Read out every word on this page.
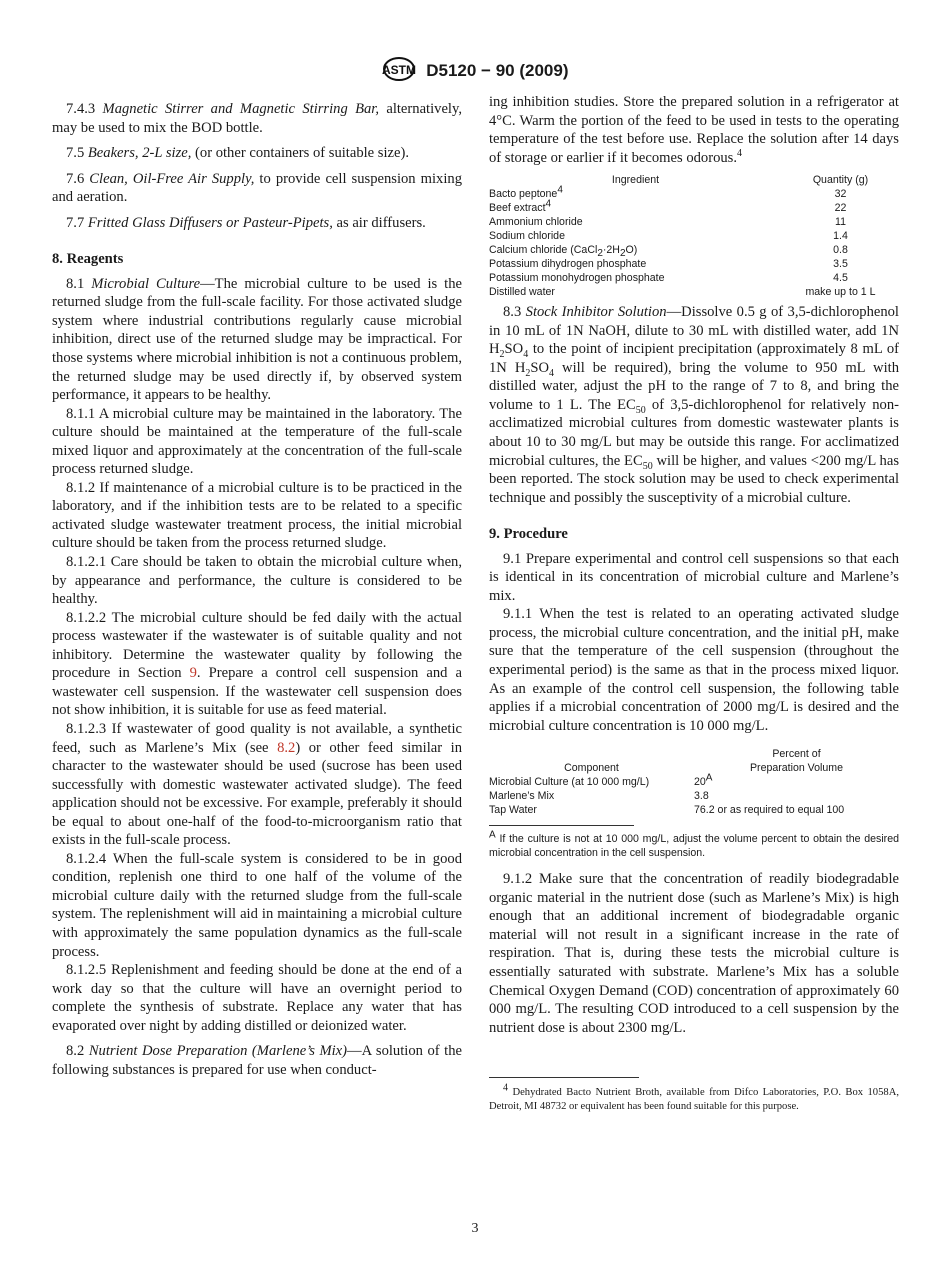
ASTM D5120 − 90 (2009)

7.4.3 Magnetic Stirrer and Magnetic Stirring Bar, alternatively, may be used to mix the BOD bottle.

7.5 Beakers, 2-L size, (or other containers of suitable size).

7.6 Clean, Oil-Free Air Supply, to provide cell suspension mixing and aeration.

7.7 Fritted Glass Diffusers or Pasteur-Pipets, as air diffusers.

8. Reagents

8.1 Microbial Culture—The microbial culture to be used is the returned sludge from the full-scale facility. For those activated sludge system where industrial contributions regularly cause microbial inhibition, direct use of the returned sludge may be impractical. For those systems where microbial inhibition is not a continuous problem, the returned sludge may be used directly if, by observed system performance, it appears to be healthy.

8.1.1 A microbial culture may be maintained in the laboratory. The culture should be maintained at the temperature of the full-scale mixed liquor and approximately at the concentration of the full-scale process returned sludge.

8.1.2 If maintenance of a microbial culture is to be practiced in the laboratory, and if the inhibition tests are to be related to a specific activated sludge wastewater treatment process, the initial microbial culture should be taken from the process returned sludge.

8.1.2.1 Care should be taken to obtain the microbial culture when, by appearance and performance, the culture is considered to be healthy.

8.1.2.2 The microbial culture should be fed daily with the actual process wastewater if the wastewater is of suitable quality and not inhibitory. Determine the wastewater quality by following the procedure in Section 9. Prepare a control cell suspension and a wastewater cell suspension. If the wastewater cell suspension does not show inhibition, it is suitable for use as feed material.

8.1.2.3 If wastewater of good quality is not available, a synthetic feed, such as Marlene’s Mix (see 8.2) or other feed similar in character to the wastewater should be used (sucrose has been used successfully with domestic wastewater activated sludge). The feed application should not be excessive. For example, preferably it should be equal to about one-half of the food-to-microorganism ratio that exists in the full-scale process.

8.1.2.4 When the full-scale system is considered to be in good condition, replenish one third to one half of the volume of the microbial culture daily with the returned sludge from the full-scale system. The replenishment will aid in maintaining a microbial culture with approximately the same population dynamics as the full-scale process.

8.1.2.5 Replenishment and feeding should be done at the end of a work day so that the culture will have an overnight period to complete the synthesis of substrate. Replace any water that has evaporated over night by adding distilled or deionized water.

8.2 Nutrient Dose Preparation (Marlene’s Mix)—A solution of the following substances is prepared for use when conduct-

ing inhibition studies. Store the prepared solution in a refrigerator at 4°C. Warm the portion of the feed to be used in tests to the operating temperature of the test before use. Replace the solution after 14 days of storage or earlier if it becomes odorous.$^4$

Ingredient	Quantity (g)
Bacto peptone$^4$	32
Beef extract$^4$	22
Ammonium chloride	11
Sodium chloride	1.4
Calcium chloride $(CaCl_2\cdot 2H_2O)$	0.8
Potassium dihydrogen phosphate	3.5
Potassium monohydrogen phosphate	4.5
Distilled water	make up to 1 L

8.3 Stock Inhibitor Solution—Dissolve 0.5 g of 3,5-dichlorophenol in 10 mL of 1N NaOH, dilute to 30 mL with distilled water, add 1N $H_2SO_4$ to the point of incipient precipitation (approximately 8 mL of 1N $H_2SO_4$ will be required), bring the volume to 950 mL with distilled water, adjust the pH to the range of 7 to 8, and bring the volume to 1 L. The $EC_{50}$ of 3,5-dichlorophenol for relatively non-acclimatized microbial cultures from domestic wastewater plants is about 10 to 30 mg/L but may be outside this range. For acclimatized microbial cultures, the $EC_{50}$ will be higher, and values <200 mg/L has been reported. The stock solution may be used to check experimental technique and possibly the susceptivity of a microbial culture.

9. Procedure

9.1 Prepare experimental and control cell suspensions so that each is identical in its concentration of microbial culture and Marlene’s mix.

9.1.1 When the test is related to an operating activated sludge process, the microbial culture concentration, and the initial pH, make sure that the temperature of the cell suspension (throughout the experimental period) is the same as that in the process mixed liquor. As an example of the control cell suspension, the following table applies if a microbial concentration of 2000 mg/L is desired and the microbial culture concentration is 10 000 mg/L.

	Percent of
Component	Preparation Volume
Microbial Culture (at 10 000 mg/L)	$20^A$
Marlene’s Mix	3.8
Tap Water	76.2 or as required to equal 100

$^A$ If the culture is not at 10 000 mg/L, adjust the volume percent to obtain the desired microbial concentration in the cell suspension.

9.1.2 Make sure that the concentration of readily biodegradable organic material in the nutrient dose (such as Marlene’s Mix) is high enough that an additional increment of biodegradable organic material will not result in a significant increase in the rate of respiration. That is, during these tests the microbial culture is essentially saturated with substrate. Marlene’s Mix has a soluble Chemical Oxygen Demand (COD) concentration of approximately 60 000 mg/L. The resulting COD introduced to a cell suspension by the nutrient dose is about 2300 mg/L.

$^4$ Dehydrated Bacto Nutrient Broth, available from Difco Laboratories, P.O. Box 1058A, Detroit, MI 48732 or equivalent has been found suitable for this purpose.

3
